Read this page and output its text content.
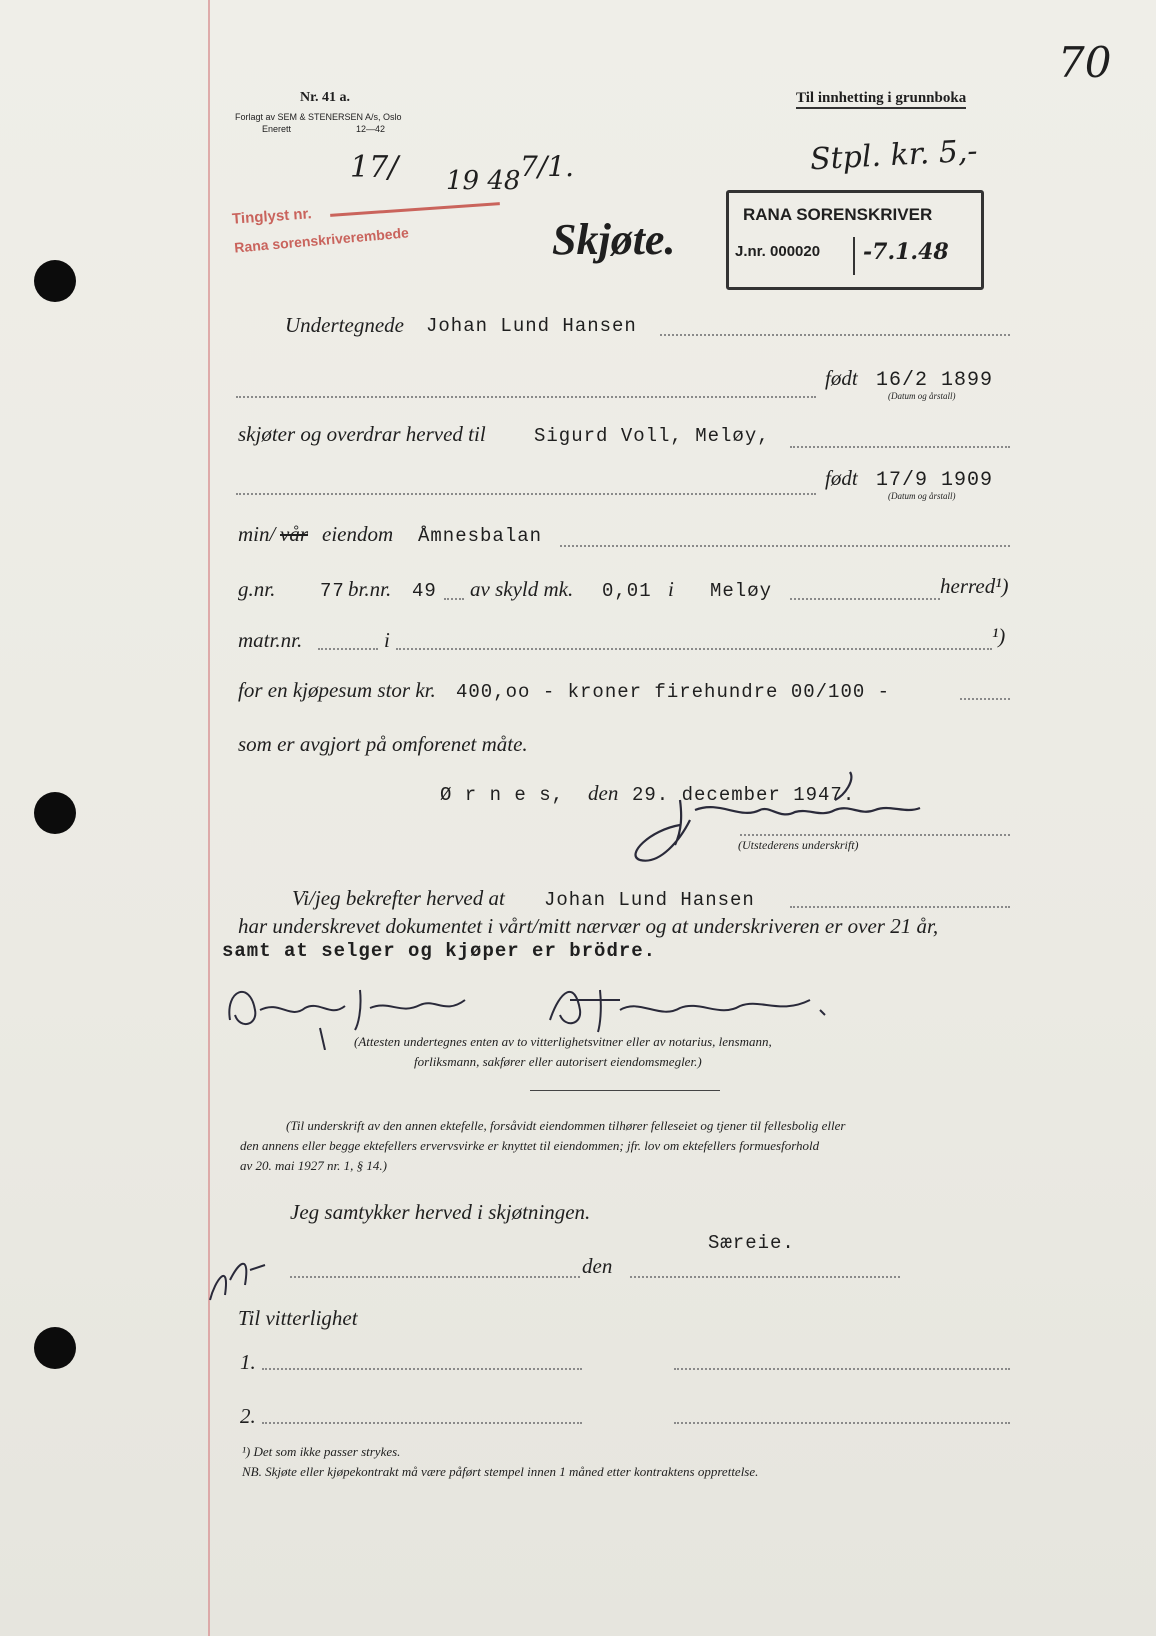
Nr. 41 a.
Forlagt av SEM & STENERSEN A/s, Oslo
Enerett	12—42
Til innhetting i grunnboka
70
Stpl. kr. 5,-
Tinglyst nr.
Rana sorenskriverembede
17/ 19 48 7/1.
Skjøte.
RANA SORENSKRIVER
J.nr. 000020 -7.1.48
Undertegnede Johan Lund Hansen
født 16/2 1899
(Datum og årstall)
skjøter og overdrar herved til	Sigurd Voll, Meløy,
født 17/9 1909
(Datum og årstall)
min/ vår eiendom Åmnesbalan
g.nr. 77 br.nr. 49 av skyld mk. 0,01 i Meløy	herred¹)
matr.nr.	i	¹)
for en kjøpesum stor kr. 400,oo - kroner firehundre 00/100 -
som er avgjort på omforenet måte.
Ø r n e s, den 29. december 1947.
(Utstederens underskrift)
Vi/jeg bekrefter herved at Johan Lund Hansen
har underskrevet dokumentet i vårt/mitt nærvær og at underskriveren er over 21 år,
samt at selger og kjøper er brödre.
(Attesten undertegnes enten av to vitterlighetsvitner eller av notarius, lensmann,
forliksmann, sakfører eller autorisert eiendomsmegler.)
(Til underskrift av den annen ektefelle, forsåvidt eiendommen tilhører felleseiet og tjener til fellesbolig eller
den annens eller begge ektefellers ervervsvirke er knyttet til eiendommen; jfr. lov om ektefellers formuesforhold
av 20. mai 1927 nr. 1, § 14.)
Jeg samtykker herved i skjøtningen.
Særeie.
den
Til vitterlighet
1.
2.
¹) Det som ikke passer strykes.
NB. Skjøte eller kjøpekontrakt må være påført stempel innen 1 måned etter kontraktens opprettelse.
